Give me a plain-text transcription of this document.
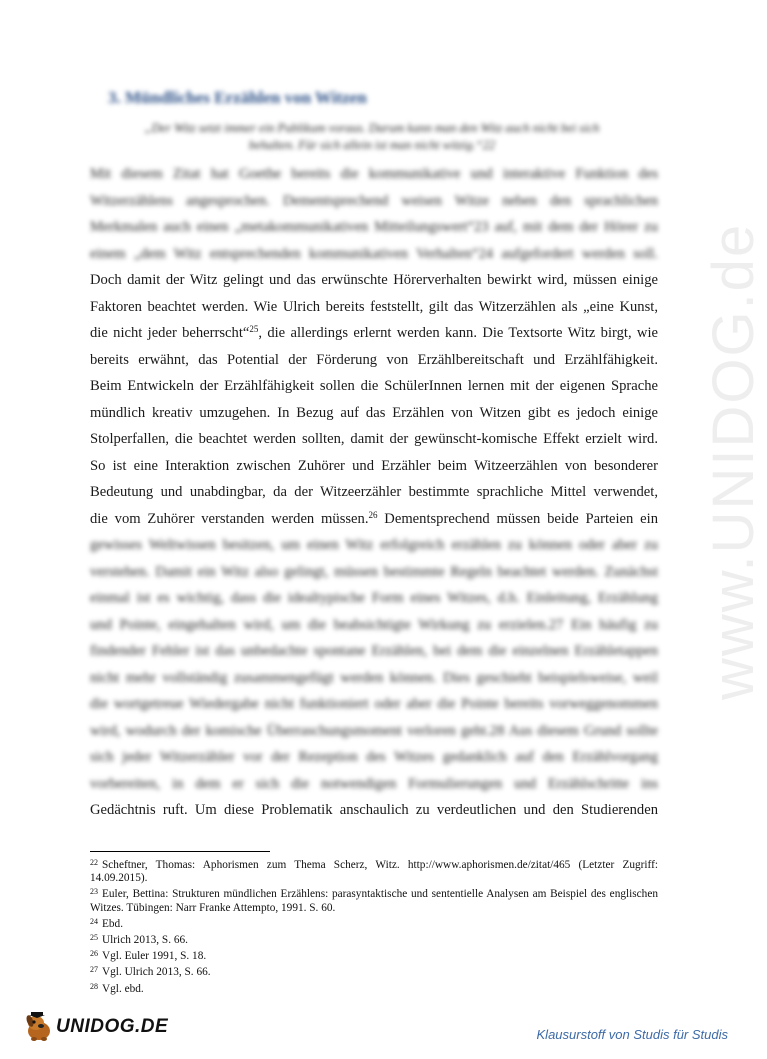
3. Mündliches Erzählen von Witzen
„Der Witz setzt immer ein Publikum voraus. Darum kann man den Witz auch nicht bei sich
behalten. Für sich allein ist man nicht witzig.“22
Mit diesem Zitat hat Goethe bereits die kommunikative und interaktive Funktion des
Witzerzählens angesprochen. Dementsprechend weisen Witze neben den sprachlichen
Merkmalen auch einen „metakommunikativen Mitteilungswert“23 auf, mit dem der Hörer zu
einem „dem Witz entsprechenden kommunikativen Verhalten“24 aufgefordert werden soll.
Doch damit der Witz gelingt und das erwünschte Hörerverhalten bewirkt wird, müssen einige
Faktoren beachtet werden. Wie Ulrich bereits feststellt, gilt das Witzerzählen als „eine Kunst,
die nicht jeder beherrscht“$^{25}$, die allerdings erlernt werden kann. Die Textsorte Witz birgt, wie
bereits erwähnt, das Potential der Förderung von Erzählbereitschaft und Erzählfähigkeit.
Beim Entwickeln der Erzählfähigkeit sollen die SchülerInnen lernen mit der eigenen Sprache
mündlich kreativ umzugehen. In Bezug auf das Erzählen von Witzen gibt es jedoch einige
Stolperfallen, die beachtet werden sollten, damit der gewünscht-komische Effekt erzielt wird.
So ist eine Interaktion zwischen Zuhörer und Erzähler beim Witzeerzählen von besonderer
Bedeutung und unabdingbar, da der Witzeerzähler bestimmte sprachliche Mittel verwendet,
die vom Zuhörer verstanden werden müssen.$^{26}$ Dementsprechend müssen beide Parteien ein
gewisses Weltwissen besitzen, um einen Witz erfolgreich erzählen zu können oder aber zu
verstehen. Damit ein Witz also gelingt, müssen bestimmte Regeln beachtet werden. Zunächst
einmal ist es wichtig, dass die idealtypische Form eines Witzes, d.h. Einleitung, Erzählung
und Pointe, eingehalten wird, um die beabsichtigte Wirkung zu erzielen.27 Ein häufig zu
findender Fehler ist das unbedachte spontane Erzählen, bei dem die einzelnen Erzähletappen
nicht mehr vollständig zusammengefügt werden können. Dies geschieht beispielsweise, weil
die wortgetreue Wiedergabe nicht funktioniert oder aber die Pointe bereits vorweggenommen
wird, wodurch der komische Überraschungsmoment verloren geht.28 Aus diesem Grund sollte
sich jeder Witzerzähler vor der Rezeption des Witzes gedanklich auf den Erzählvorgang
vorbereiten, in dem er sich die notwendigen Formulierungen und Erzählschritte ins
Gedächtnis ruft. Um diese Problematik anschaulich zu verdeutlichen und den Studierenden
$^{22}$ Scheftner, Thomas: Aphorismen zum Thema Scherz, Witz. http://www.aphorismen.de/zitat/465 (Letzter Zugriff: 14.09.2015).
$^{23}$ Euler, Bettina: Strukturen mündlichen Erzählens: parasyntaktische und sententielle Analysen am Beispiel des englischen Witzes. Tübingen: Narr Franke Attempto, 1991. S. 60.
$^{24}$ Ebd.
$^{25}$ Ulrich 2013, S. 66.
$^{26}$ Vgl. Euler 1991, S. 18.
$^{27}$ Vgl. Ulrich 2013, S. 66.
$^{28}$ Vgl. ebd.
www.UNIDOG.de
UNIDOG.DE	Klausurstoff von Studis für Studis
